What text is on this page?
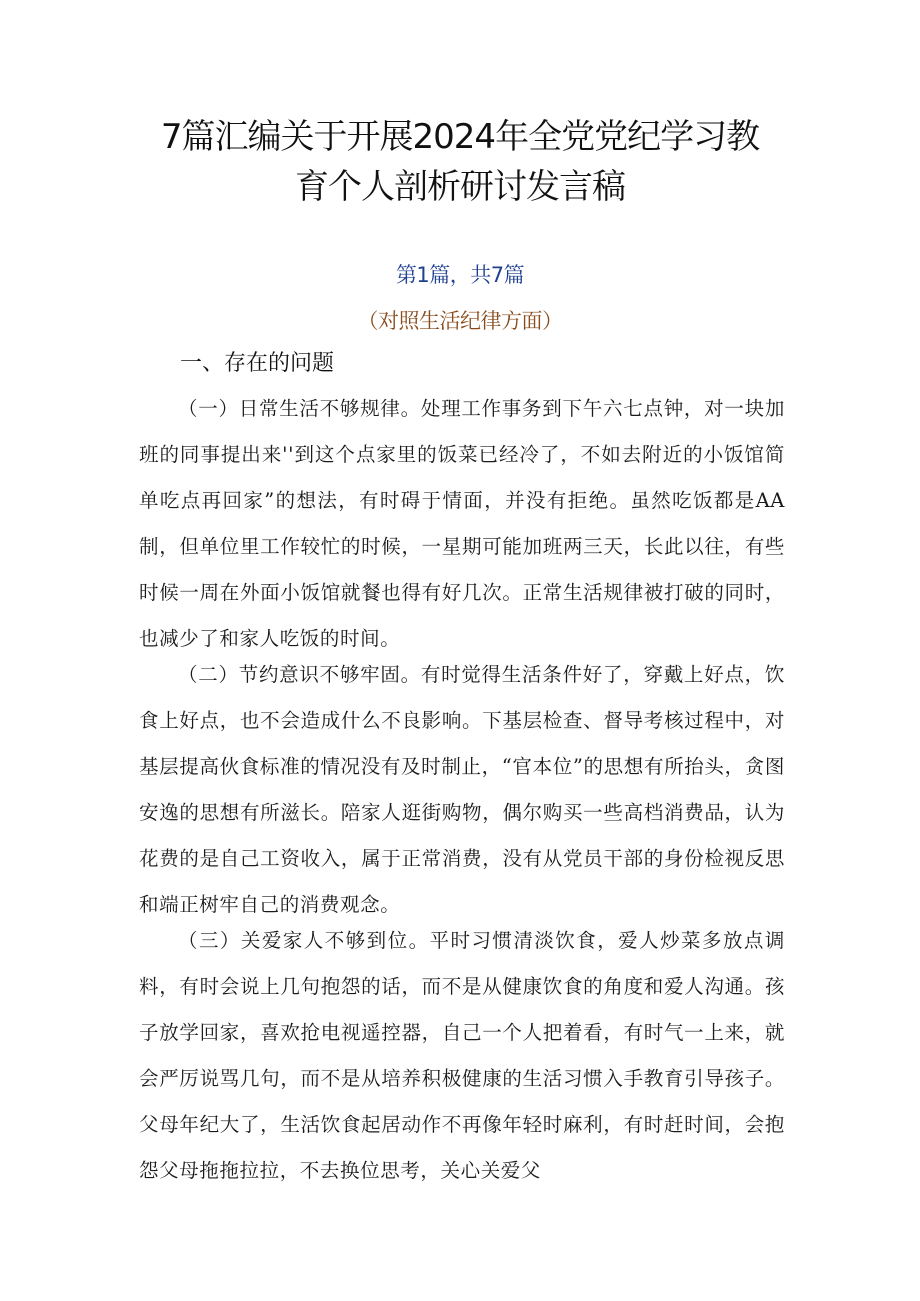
7篇汇编关于开展2024年全党党纪学习教
育个人剖析研讨发言稿
第1篇，共7篇
（对照生活纪律方面）
一、存在的问题

（一）日常生活不够规律。处理工作事务到下午六七点钟，对一块加班的同事提出来''到这个点家里的饭菜已经冷了，不如去附近的小饭馆简单吃点再回家”的想法，有时碍于情面，并没有拒绝。虽然吃饭都是AA制，但单位里工作较忙的时候，一星期可能加班两三天，长此以往，有些时候一周在外面小饭馆就餐也得有好几次。正常生活规律被打破的同时，也减少了和家人吃饭的时间。

（二）节约意识不够牢固。有时觉得生活条件好了，穿戴上好点，饮食上好点，也不会造成什么不良影响。下基层检查、督导考核过程中，对基层提高伙食标准的情况没有及时制止，“官本位”的思想有所抬头，贪图安逸的思想有所滋长。陪家人逛街购物，偶尔购买一些高档消费品，认为花费的是自己工资收入，属于正常消费，没有从党员干部的身份检视反思和端正树牢自己的消费观念。

（三）关爱家人不够到位。平时习惯清淡饮食，爱人炒菜多放点调料，有时会说上几句抱怨的话，而不是从健康饮食的角度和爱人沟通。孩子放学回家，喜欢抢电视遥控器，自己一个人把着看，有时气一上来，就会严厉说骂几句，而不是从培养积极健康的生活习惯入手教育引导孩子。父母年纪大了，生活饮食起居动作不再像年轻时麻利，有时赶时间，会抱怨父母拖拖拉拉，不去换位思考，关心关爱父
